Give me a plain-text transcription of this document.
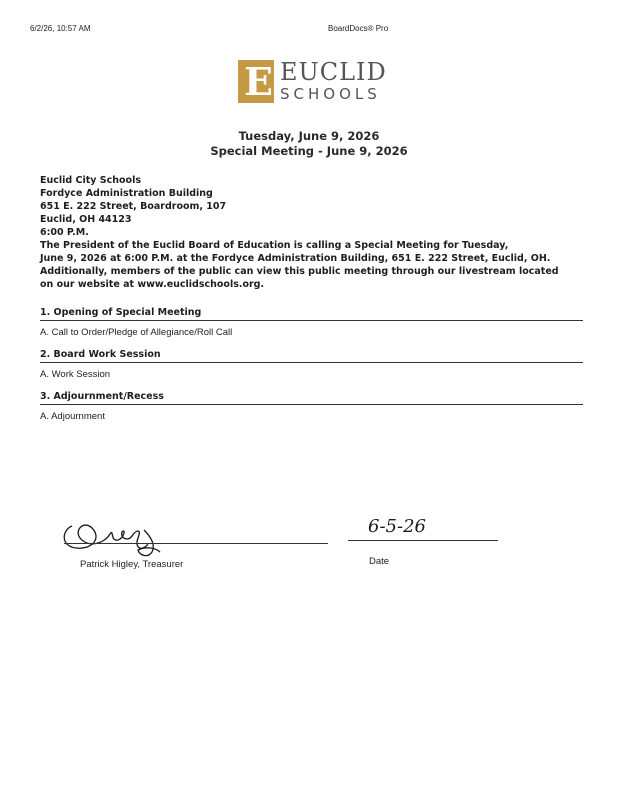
6/2/26, 10:57 AM	BoardDocs® Pro
E EUCLID
SCHOOLS
Tuesday, June 9, 2026
Special Meeting - June 9, 2026
Euclid City Schools
Fordyce Administration Building
651 E. 222 Street, Boardroom, 107
Euclid, OH 44123
6:00 P.M.
The President of the Euclid Board of Education is calling a Special Meeting for Tuesday,
June 9, 2026 at 6:00 P.M. at the Fordyce Administration Building, 651 E. 222 Street, Euclid, OH.
Additionally, members of the public can view this public meeting through our livestream located
on our website at www.euclidschools.org.
1. Opening of Special Meeting
A. Call to Order/Pledge of Allegiance/Roll Call
2. Board Work Session
A. Work Session
3. Adjournment/Recess
A. Adjournment
Patrick Higley, Treasurer
6-5-26
Date
